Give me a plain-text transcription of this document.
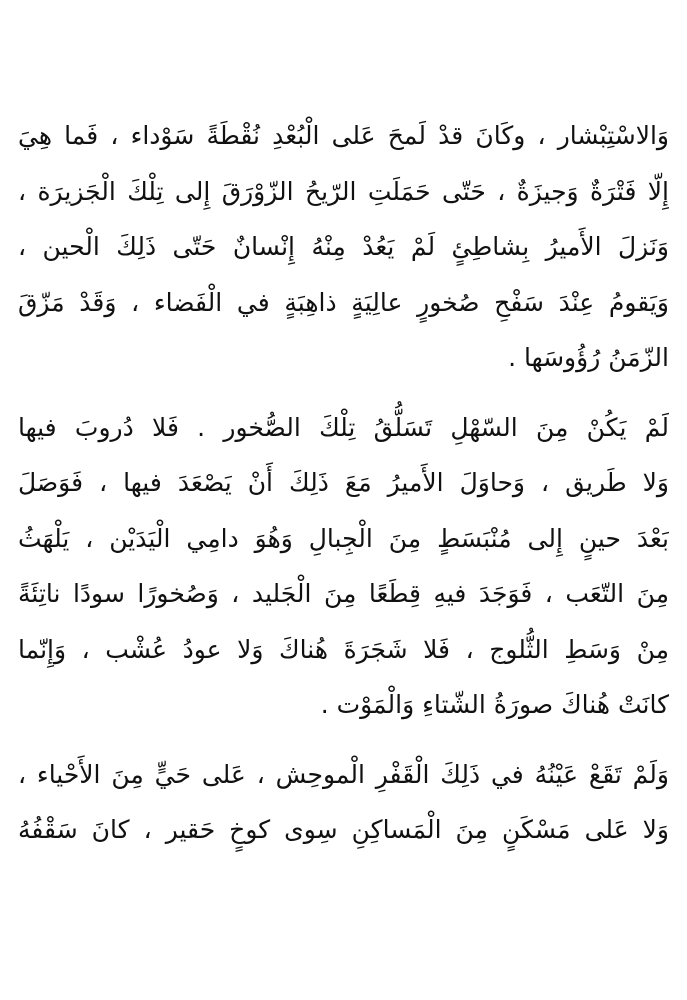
وَالاسْتِبْشار ، وكَانَ قدْ لَمحَ عَلى الْبُعْدِ نُقْطَةً سَوْداء ، فَما هِيَ
إِلّا فَتْرَةٌ وَجيزَةٌ ، حَتّى حَمَلَتِ الرّيحُ الزّوْرَقَ إِلى تِلْكَ الْجَزيرَة ،
وَنَزلَ الأَميرُ بِشاطِئٍ لَمْ يَعُدْ مِنْهُ إِنْسانٌ حَتّى ذَلِكَ الْحين ،
وَيَقومُ عِنْدَ سَفْحِ صُخورٍ عالِيَةٍ ذاهِبَةٍ في الْفَضاء ، وَقَدْ مَزّقَ
الزّمَنُ رُؤُوسَها .
لَمْ يَكُنْ مِنَ السّهْلِ تَسَلُّقُ تِلْكَ الصُّخور . فَلا دُروبَ فيها
وَلا طَريق ، وَحاوَلَ الأَميرُ مَعَ ذَلِكَ أَنْ يَصْعَدَ فيها ، فَوَصَلَ
بَعْدَ حينٍ إِلى مُنْبَسَطٍ مِنَ الْجِبالِ وَهُوَ دامِي الْيَدَيْن ، يَلْهَثُ
مِنَ التّعَب ، فَوَجَدَ فيهِ قِطَعًا مِنَ الْجَليد ، وَصُخورًا سودًا ناتِئَةً
مِنْ وَسَطِ الثُّلوج ، فَلا شَجَرَةَ هُناكَ وَلا عودُ عُشْب ، وَإِنّما
كانَتْ هُناكَ صورَةُ الشّتاءِ وَالْمَوْت .
وَلَمْ تَقَعْ عَيْنُهُ في ذَلِكَ الْقَفْرِ الْموحِش ، عَلى حَيٍّ مِنَ الأَحْياء ،
وَلا عَلى مَسْكَنٍ مِنَ الْمَساكِنِ سِوى كوخٍ حَقير ، كانَ سَقْفُهُ
